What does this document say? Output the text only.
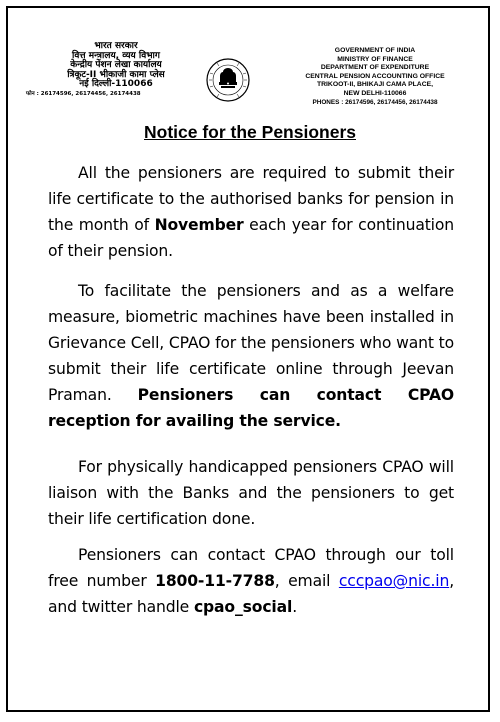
भारत सरकार
वित्त मन्त्रालय, व्यय विभाग
केन्द्रीय पेंशन लेखा कार्यालय
त्रिकूट-II भीकाजी कामा प्लेस
नई दिल्ली-110066
फोन : 26174596, 26174456, 26174438
GOVERNMENT OF INDIA
MINISTRY OF FINANCE
DEPARTMENT OF EXPENDITURE
CENTRAL PENSION ACCOUNTING OFFICE
TRIKOOT-II, BHIKAJI CAMA PLACE,
NEW DELHI-110066
PHONES : 26174596, 26174456, 26174438
Notice for the Pensioners

All the pensioners are required to submit their life certificate to the authorised banks for pension in the month of November each year for continuation of their pension.

To facilitate the pensioners and as a welfare measure, biometric machines have been installed in Grievance Cell, CPAO for the pensioners who want to submit their life certificate online through Jeevan Praman. Pensioners can contact CPAO reception for availing the service.

For physically handicapped pensioners CPAO will liaison with the Banks and the pensioners to get their life certification done.

Pensioners can contact CPAO through our toll free number 1800-11-7788, email cccpao@nic.in, and twitter handle cpao_social.
